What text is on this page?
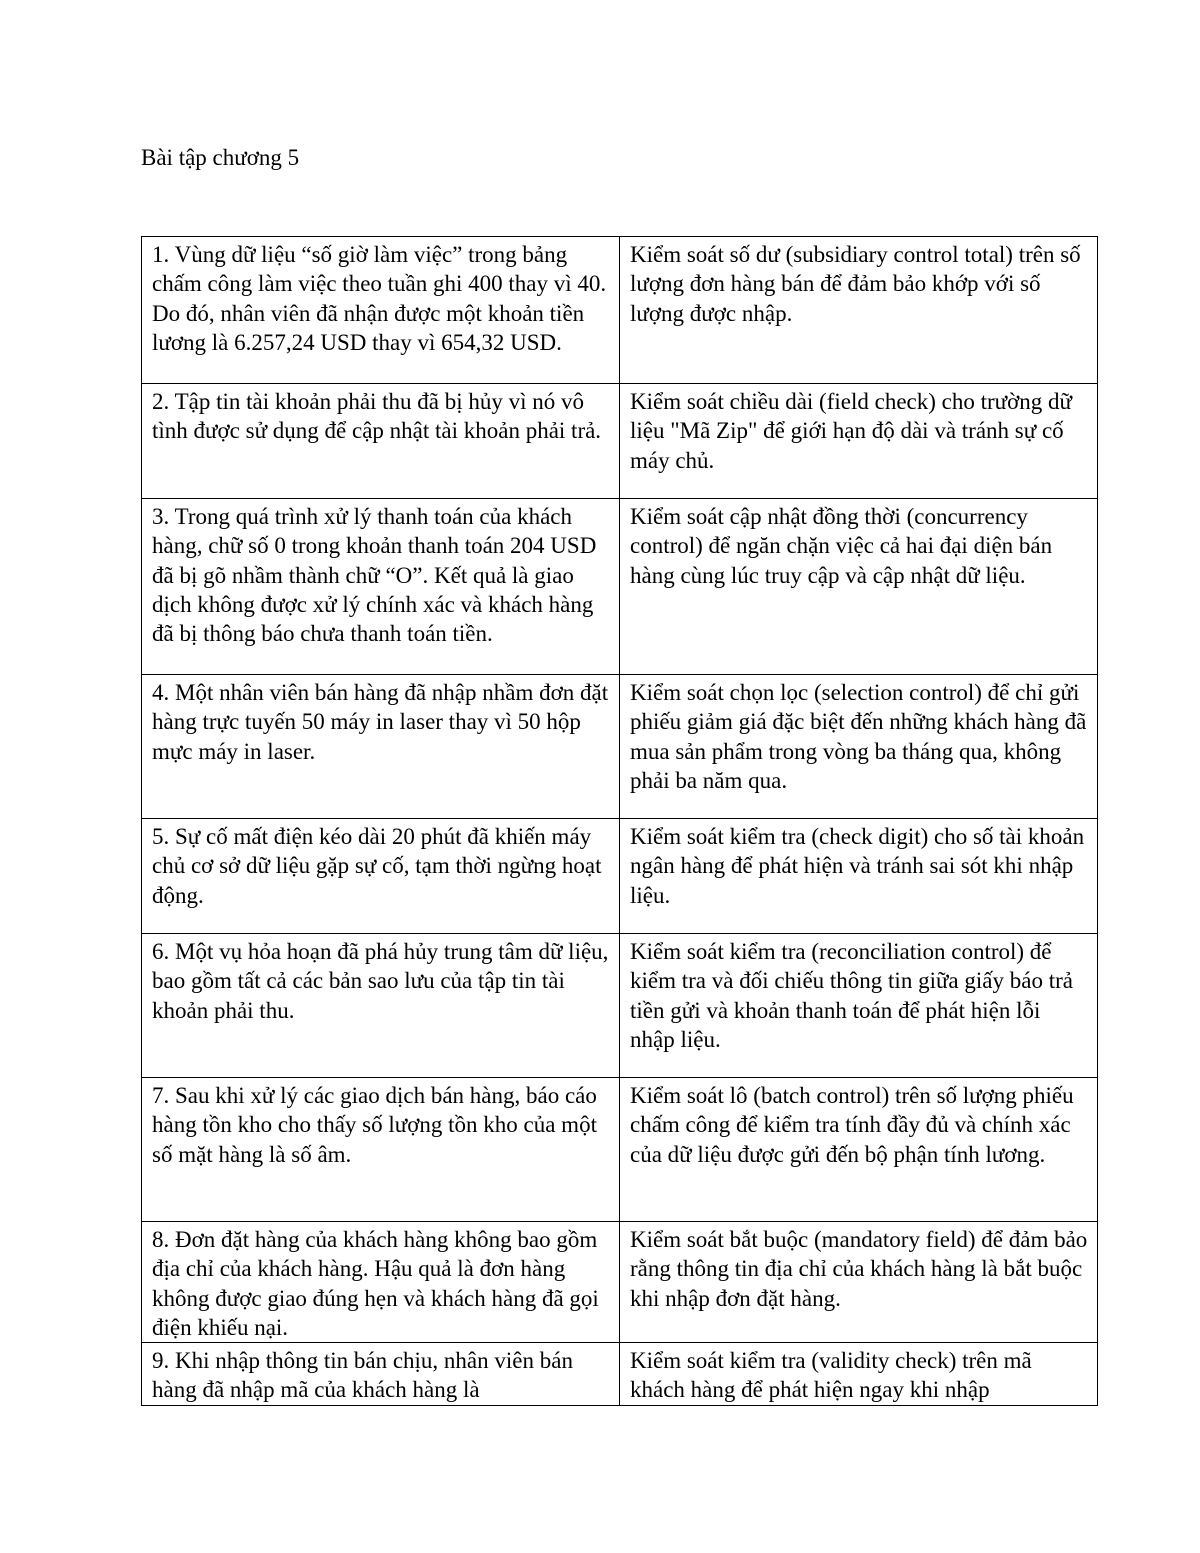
Bài tập chương 5
1. Vùng dữ liệu “số giờ làm việc” trong bảng chấm công làm việc theo tuần ghi 400 thay vì 40. Do đó, nhân viên đã nhận được một khoản tiền lương là 6.257,24 USD thay vì 654,32 USD.	Kiểm soát số dư (subsidiary control total) trên số lượng đơn hàng bán để đảm bảo khớp với số lượng được nhập.
2. Tập tin tài khoản phải thu đã bị hủy vì nó vô tình được sử dụng để cập nhật tài khoản phải trả.	Kiểm soát chiều dài (field check) cho trường dữ liệu "Mã Zip" để giới hạn độ dài và tránh sự cố máy chủ.
3. Trong quá trình xử lý thanh toán của khách hàng, chữ số 0 trong khoản thanh toán 204 USD đã bị gõ nhầm thành chữ “O”. Kết quả là giao dịch không được xử lý chính xác và khách hàng đã bị thông báo chưa thanh toán tiền.	Kiểm soát cập nhật đồng thời (concurrency control) để ngăn chặn việc cả hai đại diện bán hàng cùng lúc truy cập và cập nhật dữ liệu.
4. Một nhân viên bán hàng đã nhập nhầm đơn đặt hàng trực tuyến 50 máy in laser thay vì 50 hộp mực máy in laser.	Kiểm soát chọn lọc (selection control) để chỉ gửi phiếu giảm giá đặc biệt đến những khách hàng đã mua sản phẩm trong vòng ba tháng qua, không phải ba năm qua.
5. Sự cố mất điện kéo dài 20 phút đã khiến máy chủ cơ sở dữ liệu gặp sự cố, tạm thời ngừng hoạt động.	Kiểm soát kiểm tra (check digit) cho số tài khoản ngân hàng để phát hiện và tránh sai sót khi nhập liệu.
6. Một vụ hỏa hoạn đã phá hủy trung tâm dữ liệu, bao gồm tất cả các bản sao lưu của tập tin tài khoản phải thu.	Kiểm soát kiểm tra (reconciliation control) để kiểm tra và đối chiếu thông tin giữa giấy báo trả tiền gửi và khoản thanh toán để phát hiện lỗi nhập liệu.
7. Sau khi xử lý các giao dịch bán hàng, báo cáo hàng tồn kho cho thấy số lượng tồn kho của một số mặt hàng là số âm.	Kiểm soát lô (batch control) trên số lượng phiếu chấm công để kiểm tra tính đầy đủ và chính xác của dữ liệu được gửi đến bộ phận tính lương.
8. Đơn đặt hàng của khách hàng không bao gồm địa chỉ của khách hàng. Hậu quả là đơn hàng không được giao đúng hẹn và khách hàng đã gọi điện khiếu nại.	Kiểm soát bắt buộc (mandatory field) để đảm bảo rằng thông tin địa chỉ của khách hàng là bắt buộc khi nhập đơn đặt hàng.
9. Khi nhập thông tin bán chịu, nhân viên bán hàng đã nhập mã của khách hàng là	Kiểm soát kiểm tra (validity check) trên mã khách hàng để phát hiện ngay khi nhập
